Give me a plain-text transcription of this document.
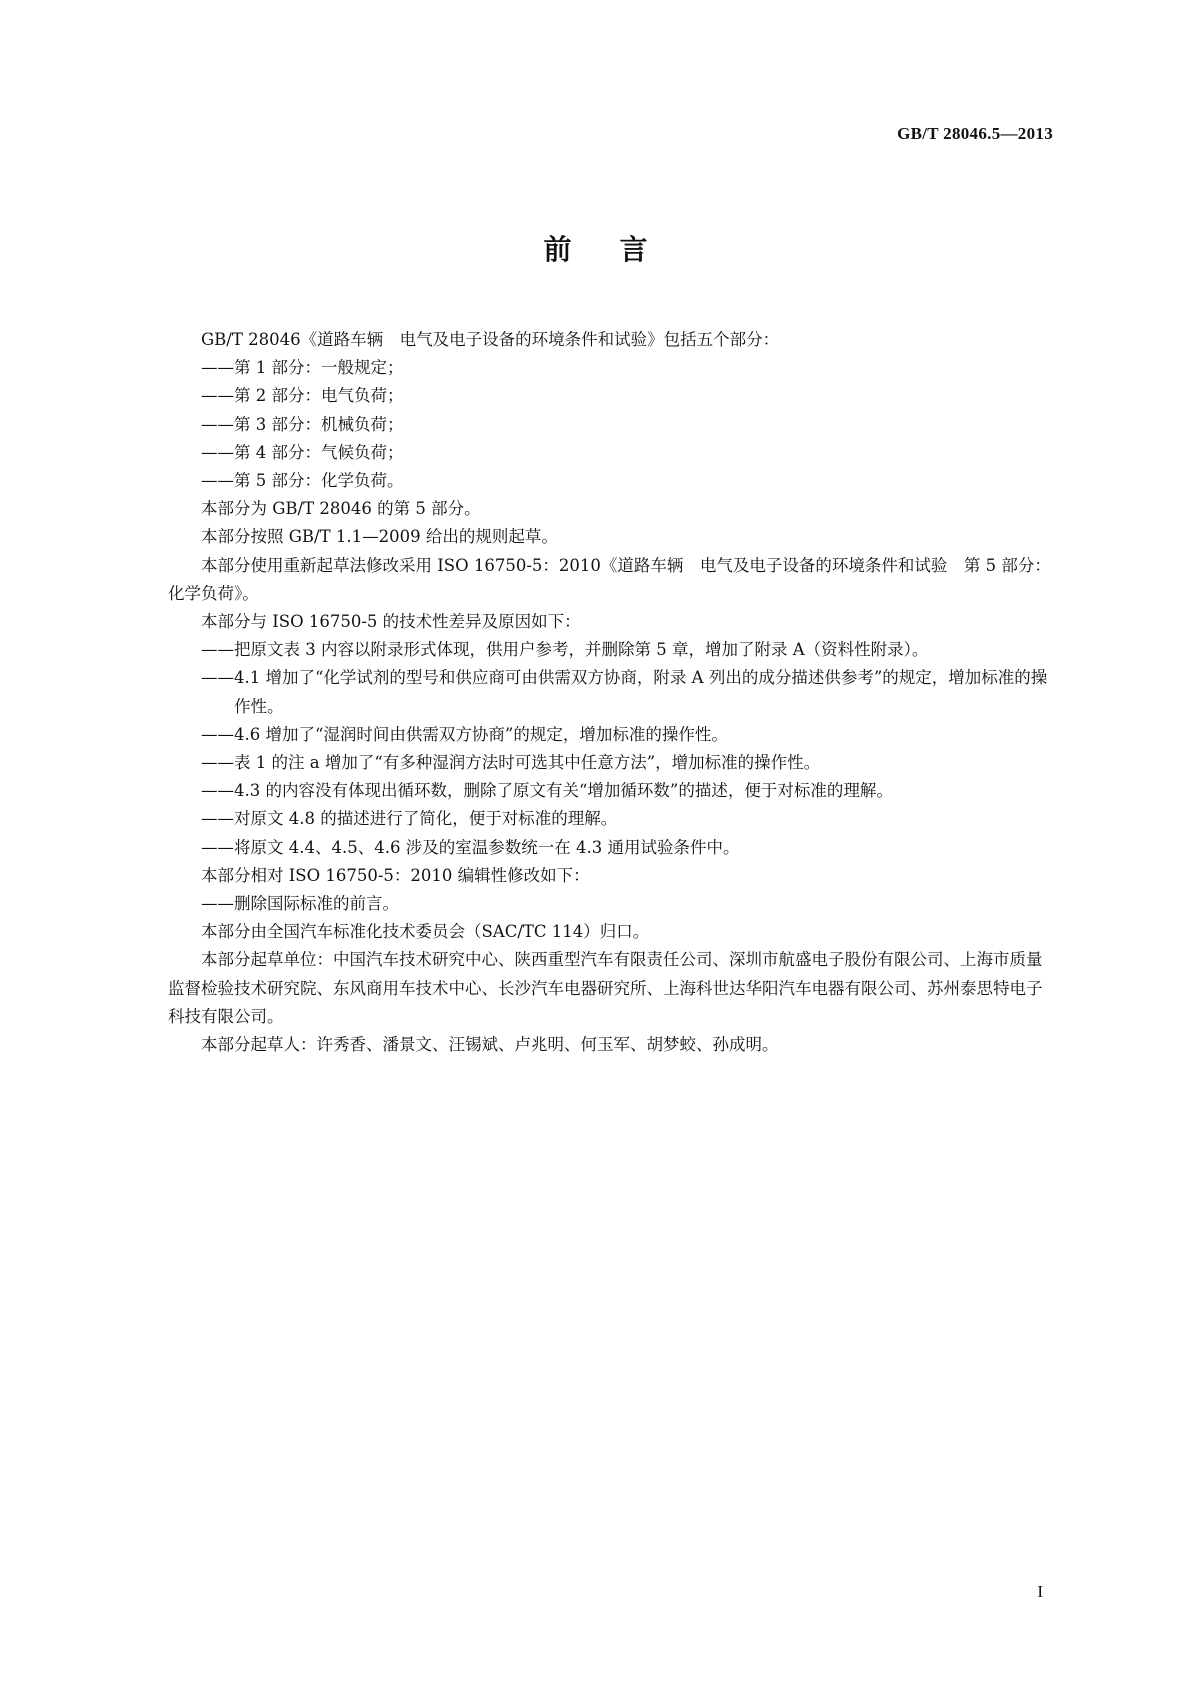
GB/T 28046.5—2013
前言

GB/T 28046《道路车辆　电气及电子设备的环境条件和试验》包括五个部分：

——第 1 部分：一般规定；

——第 2 部分：电气负荷；

——第 3 部分：机械负荷；

——第 4 部分：气候负荷；

——第 5 部分：化学负荷。

本部分为 GB/T 28046 的第 5 部分。

本部分按照 GB/T 1.1—2009 给出的规则起草。

本部分使用重新起草法修改采用 ISO 16750-5：2010《道路车辆　电气及电子设备的环境条件和试验　第 5 部分：化学负荷》。

本部分与 ISO 16750-5 的技术性差异及原因如下：

——把原文表 3 内容以附录形式体现，供用户参考，并删除第 5 章，增加了附录 A（资料性附录）。

——4.1 增加了“化学试剂的型号和供应商可由供需双方协商，附录 A 列出的成分描述供参考”的规定，增加标准的操作性。

——4.6 增加了“湿润时间由供需双方协商”的规定，增加标准的操作性。

——表 1 的注 a 增加了“有多种湿润方法时可选其中任意方法”，增加标准的操作性。

——4.3 的内容没有体现出循环数，删除了原文有关“增加循环数”的描述，便于对标准的理解。

——对原文 4.8 的描述进行了简化，便于对标准的理解。

——将原文 4.4、4.5、4.6 涉及的室温参数统一在 4.3 通用试验条件中。

本部分相对 ISO 16750-5：2010 编辑性修改如下：

——删除国际标准的前言。

本部分由全国汽车标准化技术委员会（SAC/TC 114）归口。

本部分起草单位：中国汽车技术研究中心、陕西重型汽车有限责任公司、深圳市航盛电子股份有限公司、上海市质量监督检验技术研究院、东风商用车技术中心、长沙汽车电器研究所、上海科世达华阳汽车电器有限公司、苏州泰思特电子科技有限公司。

本部分起草人：许秀香、潘景文、汪锡斌、卢兆明、何玉军、胡梦蛟、孙成明。

I
